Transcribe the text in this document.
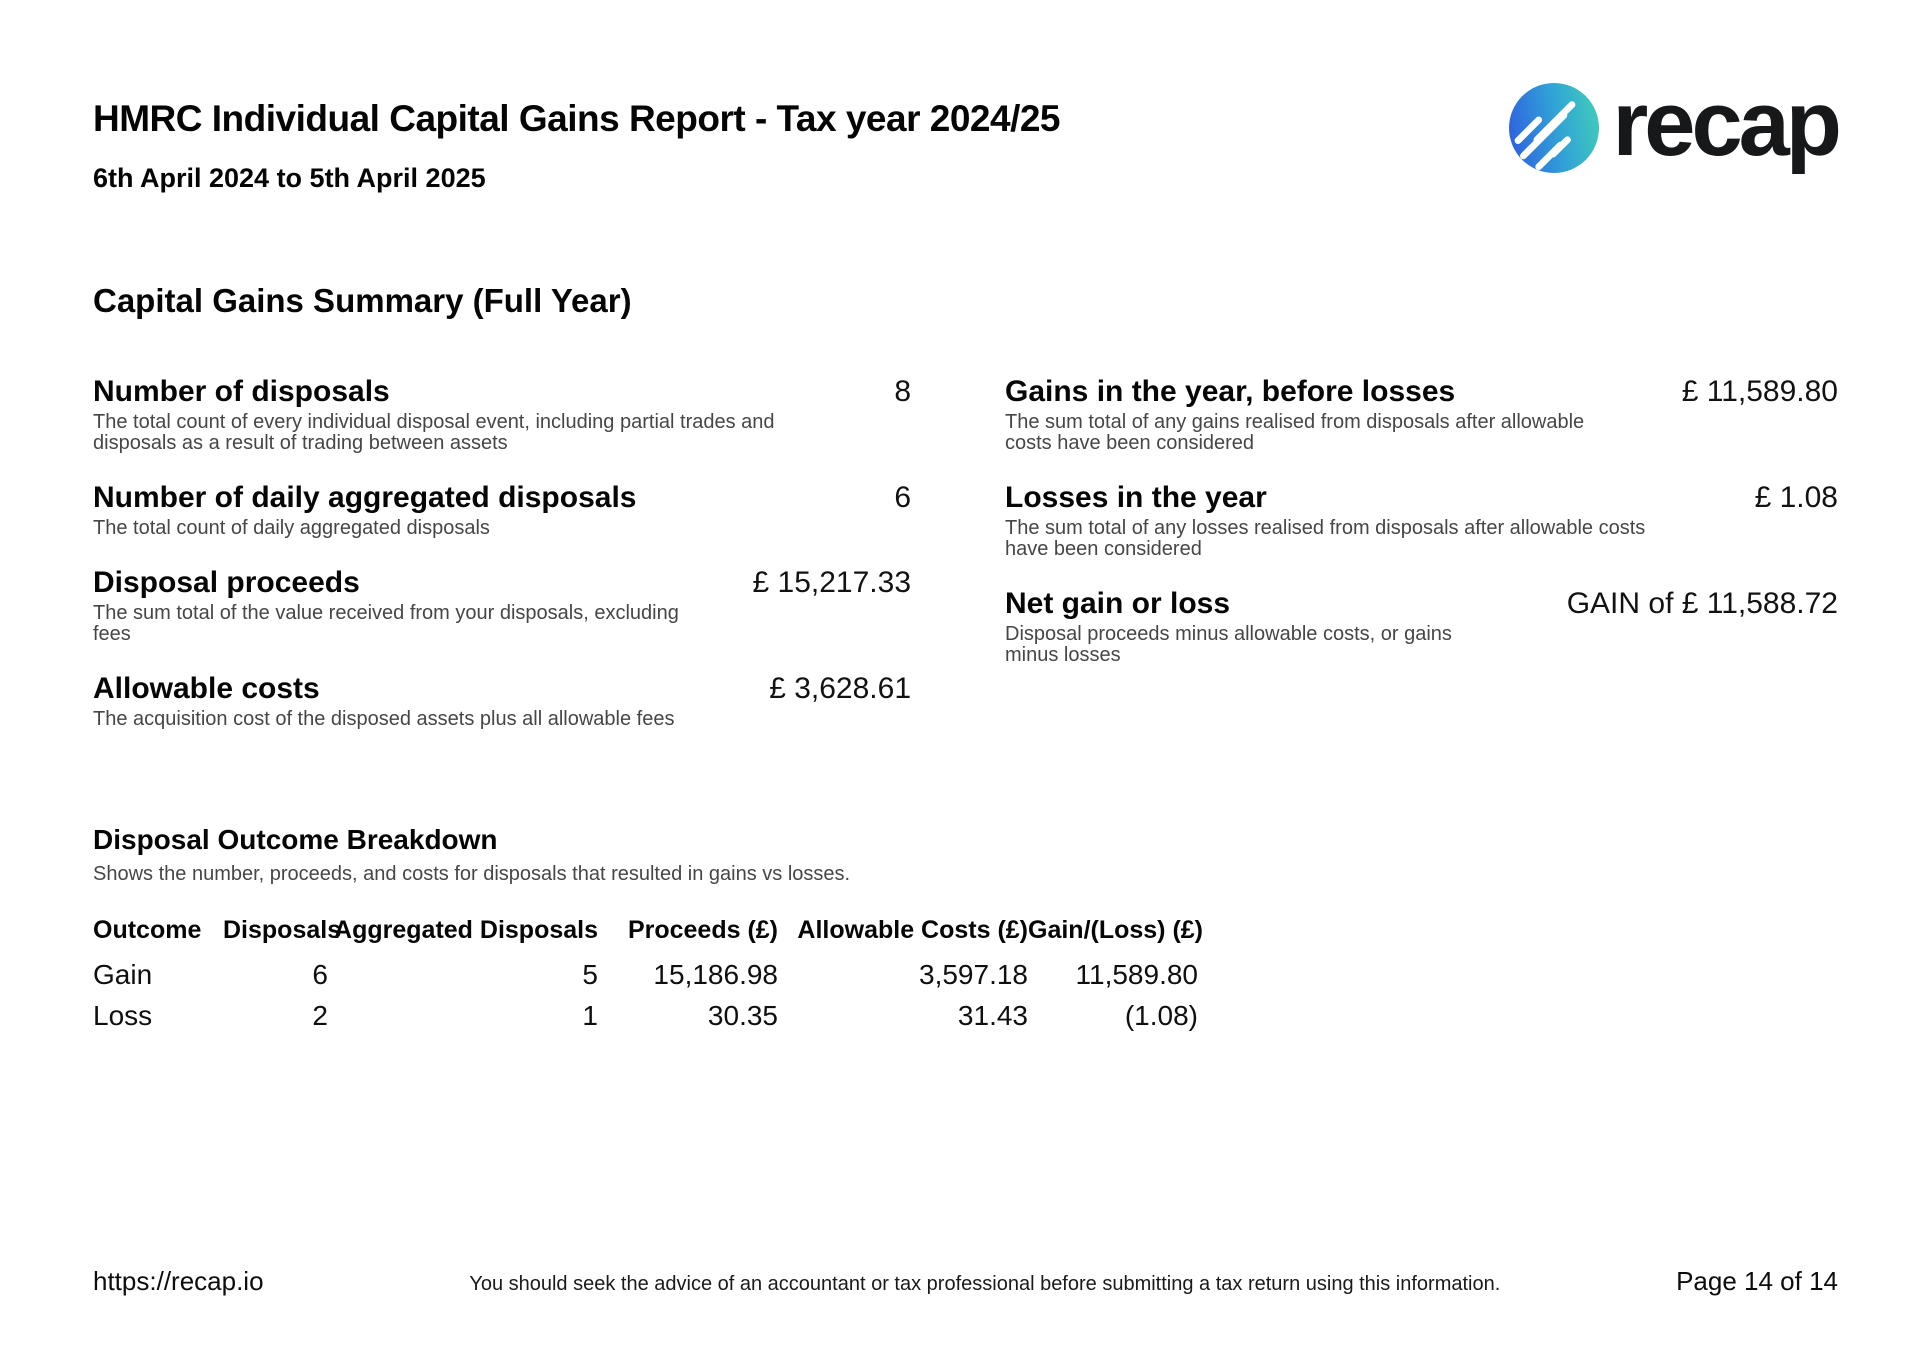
HMRC Individual Capital Gains Report - Tax year 2024/25
6th April 2024 to 5th April 2025
recap
Capital Gains Summary (Full Year)
Number of disposals	8
The total count of every individual disposal event, including partial trades and disposals as a result of trading between assets
Number of daily aggregated disposals	6
The total count of daily aggregated disposals
Disposal proceeds	£ 15,217.33
The sum total of the value received from your disposals, excluding fees
Allowable costs	£ 3,628.61
The acquisition cost of the disposed assets plus all allowable fees
Gains in the year, before losses	£ 11,589.80
The sum total of any gains realised from disposals after allowable costs have been considered
Losses in the year	£ 1.08
The sum total of any losses realised from disposals after allowable costs have been considered
Net gain or loss	GAIN of £ 11,588.72
Disposal proceeds minus allowable costs, or gains minus losses
Disposal Outcome Breakdown
Shows the number, proceeds, and costs for disposals that resulted in gains vs losses.
Outcome	Disposals	Aggregated Disposals	Proceeds (£)	Allowable Costs (£)	Gain/(Loss) (£)
Gain	6	5	15,186.98	3,597.18	11,589.80
Loss	2	1	30.35	31.43	(1.08)
https://recap.io	You should seek the advice of an accountant or tax professional before submitting a tax return using this information.	Page 14 of 14
